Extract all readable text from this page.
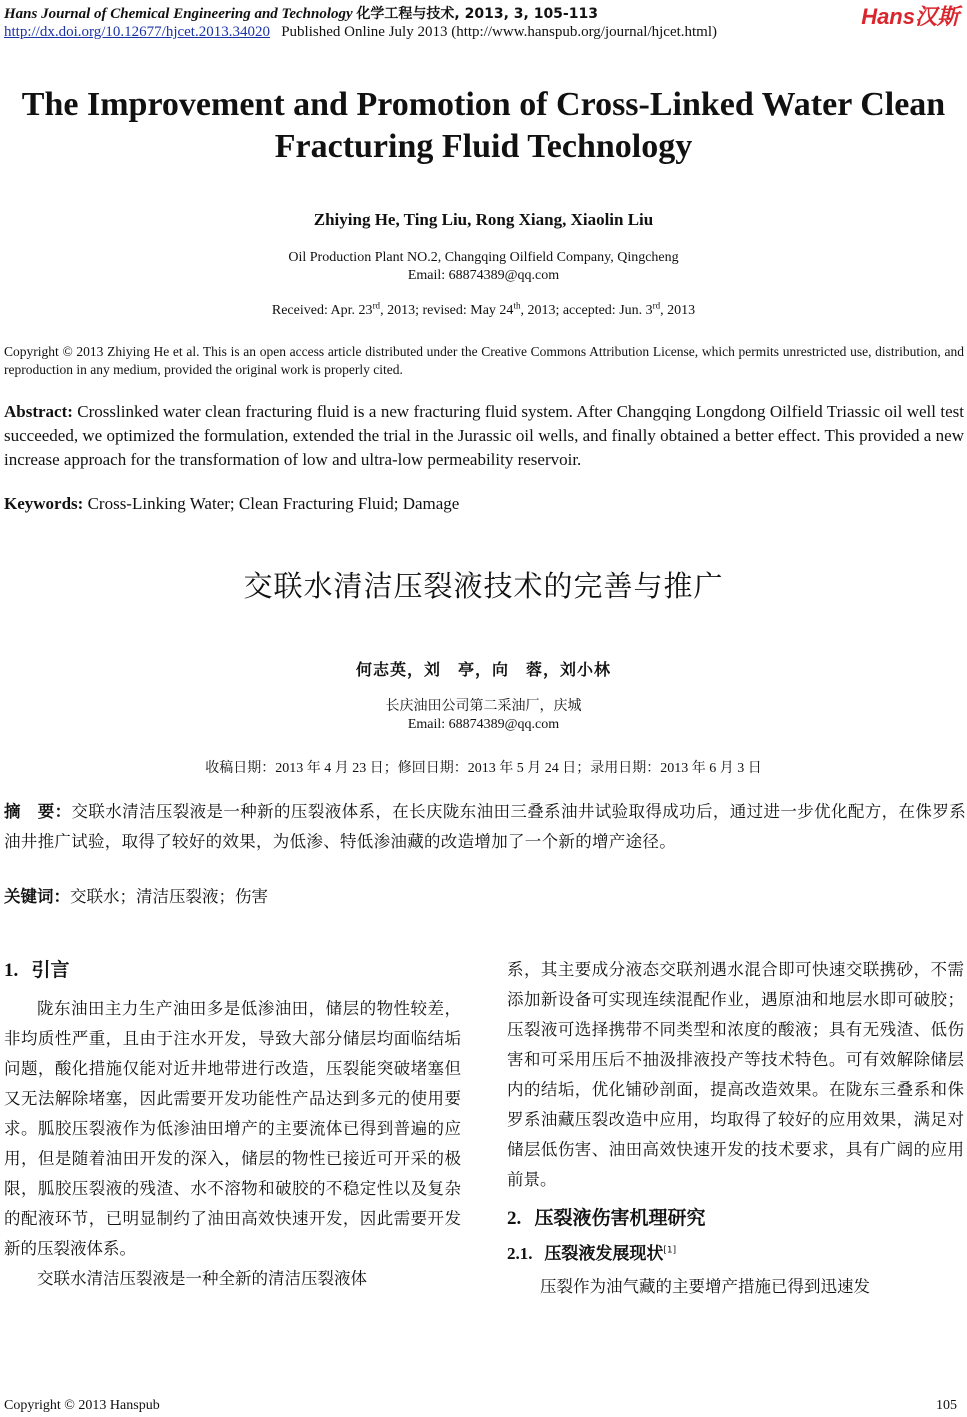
Hans Journal of Chemical Engineering and Technology 化学工程与技术, 2013, 3, 105-113
http://dx.doi.org/10.12677/hjcet.2013.34020 Published Online July 2013 (http://www.hanspub.org/journal/hjcet.html)
Hans汉斯
The Improvement and Promotion of Cross-Linked Water Clean Fracturing Fluid Technology
Zhiying He, Ting Liu, Rong Xiang, Xiaolin Liu
Oil Production Plant NO.2, Changqing Oilfield Company, Qingcheng
Email: 68874389@qq.com
Received: Apr. 23rd, 2013; revised: May 24th, 2013; accepted: Jun. 3rd, 2013
Copyright © 2013 Zhiying He et al. This is an open access article distributed under the Creative Commons Attribution License, which permits unrestricted use, distribution, and reproduction in any medium, provided the original work is properly cited.
Abstract: Crosslinked water clean fracturing fluid is a new fracturing fluid system. After Changqing Longdong Oilfield Triassic oil well test succeeded, we optimized the formulation, extended the trial in the Jurassic oil wells, and finally obtained a better effect. This provided a new increase approach for the transformation of low and ultra-low permeability reservoir.
Keywords: Cross-Linking Water; Clean Fracturing Fluid; Damage
交联水清洁压裂液技术的完善与推广
何志英，刘　亭，向　蓉，刘小林
长庆油田公司第二采油厂，庆城
Email: 68874389@qq.com
收稿日期：2013 年 4 月 23 日；修回日期：2013 年 5 月 24 日；录用日期：2013 年 6 月 3 日
摘　要：交联水清洁压裂液是一种新的压裂液体系，在长庆陇东油田三叠系油井试验取得成功后，通过进一步优化配方，在侏罗系油井推广试验，取得了较好的效果，为低渗、特低渗油藏的改造增加了一个新的增产途径。
关键词：交联水；清洁压裂液；伤害
1. 引言

陇东油田主力生产油田多是低渗油田，储层的物性较差，非均质性严重，且由于注水开发，导致大部分储层均面临结垢问题，酸化措施仅能对近井地带进行改造，压裂能突破堵塞但又无法解除堵塞，因此需要开发功能性产品达到多元的使用要求。胍胶压裂液作为低渗油田增产的主要流体已得到普遍的应用，但是随着油田开发的深入，储层的物性已接近可开采的极限，胍胶压裂液的残渣、水不溶物和破胶的不稳定性以及复杂的配液环节，已明显制约了油田高效快速开发，因此需要开发新的压裂液体系。

交联水清洁压裂液是一种全新的清洁压裂液体

系，其主要成分液态交联剂遇水混合即可快速交联携砂，不需添加新设备可实现连续混配作业，遇原油和地层水即可破胶；压裂液可选择携带不同类型和浓度的酸液；具有无残渣、低伤害和可采用压后不抽汲排液投产等技术特色。可有效解除储层内的结垢，优化铺砂剖面，提高改造效果。在陇东三叠系和侏罗系油藏压裂改造中应用，均取得了较好的应用效果，满足对储层低伤害、油田高效快速开发的技术要求，具有广阔的应用前景。

2. 压裂液伤害机理研究
2.1. 压裂液发展现状[1]

压裂作为油气藏的主要增产措施已得到迅速发

Copyright © 2013 Hanspub	105
